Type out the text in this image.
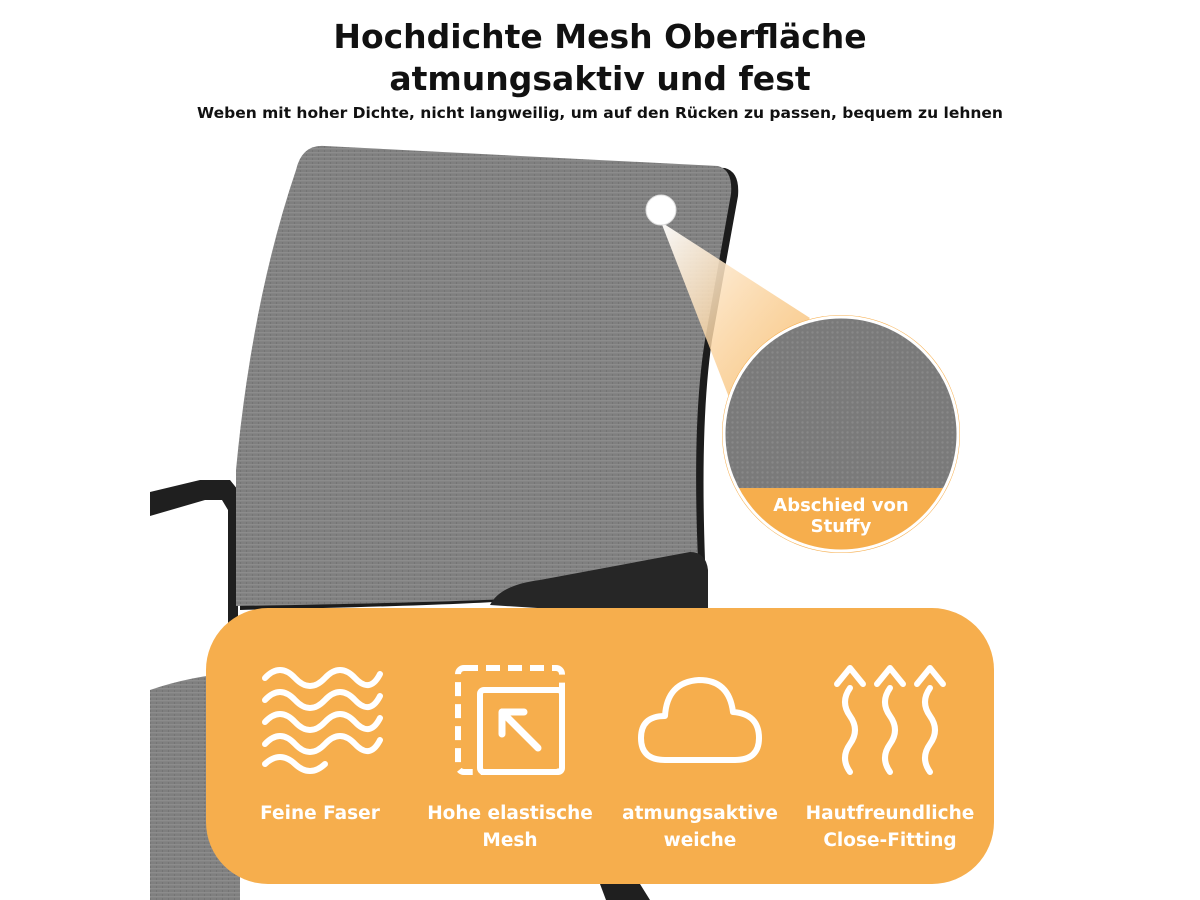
Hochdichte Mesh Oberfläche
atmungsaktiv und fest
Weben mit hoher Dichte, nicht langweilig, um auf den Rücken zu passen, bequem zu lehnen
Abschied von
Stuffy
Feine Faser	Hohe elastische
Mesh
atmungsaktive
weiche
Hautfreundliche
Close-Fitting
